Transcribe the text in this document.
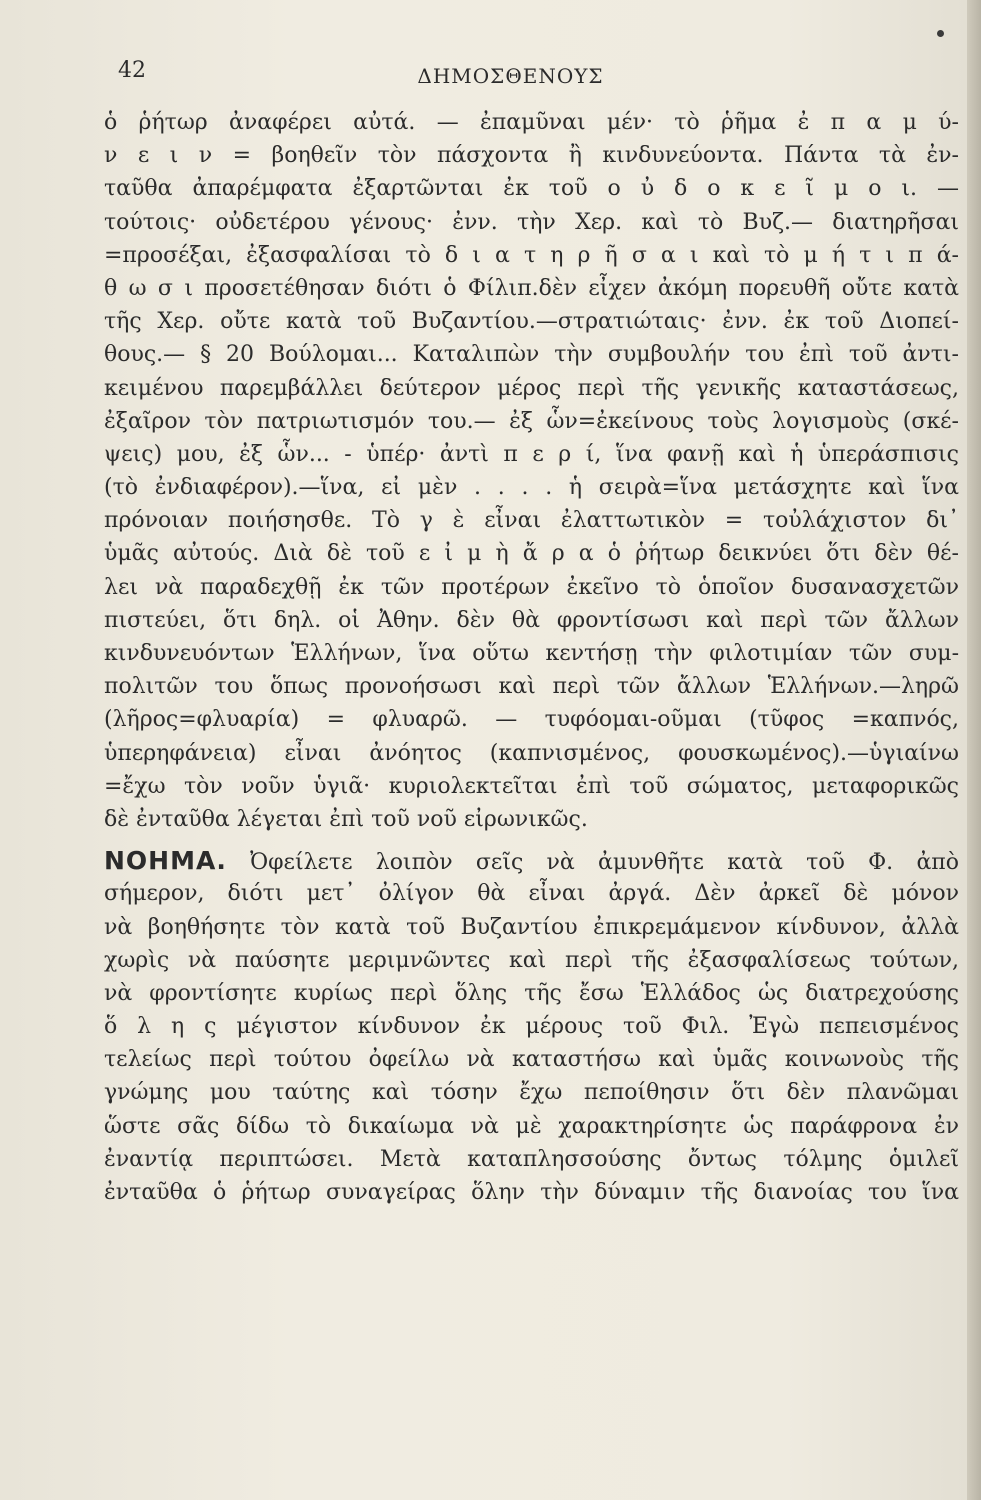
42	ΔΗΜΟΣΘΕΝΟΥΣ
ὁ ῥήτωρ ἀναφέρει αὐτά. — ἐπαμῦναι μέν· τὸ ῥῆμα ἐ π α μ ύ-
ν ε ι ν = βοηθεῖν τὸν πάσχοντα ἢ κινδυνεύοντα. Πάντα τὰ ἐν-
ταῦθα ἀπαρέμφατα ἐξαρτῶνται ἐκ τοῦ ο ὐ δ ο κ ε ῖ μ ο ι. —
τούτοις· οὐδετέρου γένους· ἐνν. τὴν Χερ. καὶ τὸ Βυζ.— διατηρῆσαι
=προσέξαι, ἐξασφαλίσαι τὸ δ ι α τ η ρ ῆ σ α ι καὶ τὸ μ ή τ ι π ά-
θ ω σ ι προσετέθησαν διότι ὁ Φίλιπ.δὲν εἶχεν ἀκόμη πορευθῆ οὔτε κατὰ
τῆς Χερ. οὔτε κατὰ τοῦ Βυζαντίου.—στρατιώταις· ἐνν. ἐκ τοῦ Διοπεί-
θους.— § 20 Βούλομαι... Καταλιπὼν τὴν συμβουλήν του ἐπὶ τοῦ ἀντι-
κειμένου παρεμβάλλει δεύτερον μέρος περὶ τῆς γενικῆς καταστάσεως,
ἐξαῖρον τὸν πατριωτισμόν του.— ἐξ ὧν=ἐκείνους τοὺς λογισμοὺς (σκέ-
ψεις) μου, ἐξ ὧν... - ὑπέρ· ἀντὶ π ε ρ ί, ἵνα φανῇ καὶ ἡ ὑπεράσπισις
(τὸ ἐνδιαφέρον).—ἵνα, εἰ μὲν . . . . ἡ σειρὰ=ἵνα μετάσχητε καὶ ἵνα
πρόνοιαν ποιήσησθε. Τὸ γ ὲ εἶναι ἐλαττωτικὸν = τοὐλάχιστον δι᾽
ὑμᾶς αὐτούς. Διὰ δὲ τοῦ ε ἰ μ ὴ ἄ ρ α ὁ ῥήτωρ δεικνύει ὅτι δὲν θέ-
λει νὰ παραδεχθῇ ἐκ τῶν προτέρων ἐκεῖνο τὸ ὁποῖον δυσανασχετῶν
πιστεύει, ὅτι δηλ. οἱ Ἀθην. δὲν θὰ φροντίσωσι καὶ περὶ τῶν ἄλλων
κινδυνευόντων Ἑλλήνων, ἵνα οὕτω κεντήσῃ τὴν φιλοτιμίαν τῶν συμ-
πολιτῶν του ὅπως προνοήσωσι καὶ περὶ τῶν ἄλλων Ἑλλήνων.—ληρῶ
(λῆρος=φλυαρία) = φλυαρῶ. — τυφόομαι-οῦμαι (τῦφος =καπνός,
ὑπερηφάνεια) εἶναι ἀνόητος (καπνισμένος, φουσκωμένος).—ὑγιαίνω
=ἔχω τὸν νοῦν ὑγιᾶ· κυριολεκτεῖται ἐπὶ τοῦ σώματος, μεταφορικῶς
δὲ ἐνταῦθα λέγεται ἐπὶ τοῦ νοῦ εἰρωνικῶς.
ΝΟΗΜΑ. Ὀφείλετε λοιπὸν σεῖς νὰ ἀμυνθῆτε κατὰ τοῦ Φ. ἀπὸ
σήμερον, διότι μετ᾽ ὀλίγον θὰ εἶναι ἀργά. Δὲν ἀρκεῖ δὲ μόνον
νὰ βοηθήσητε τὸν κατὰ τοῦ Βυζαντίου ἐπικρεμάμενον κίνδυνον, ἀλλὰ
χωρὶς νὰ παύσητε μεριμνῶντες καὶ περὶ τῆς ἐξασφαλίσεως τούτων,
νὰ φροντίσητε κυρίως περὶ ὅλης τῆς ἔσω Ἑλλάδος ὡς διατρεχούσης
ὅ λ η ς μέγιστον κίνδυνον ἐκ μέρους τοῦ Φιλ. Ἐγὼ πεπεισμένος
τελείως περὶ τούτου ὀφείλω νὰ καταστήσω καὶ ὑμᾶς κοινωνοὺς τῆς
γνώμης μου ταύτης καὶ τόσην ἔχω πεποίθησιν ὅτι δὲν πλανῶμαι
ὥστε σᾶς δίδω τὸ δικαίωμα νὰ μὲ χαρακτηρίσητε ὡς παράφρονα ἐν
ἐναντίᾳ περιπτώσει. Μετὰ καταπλησσούσης ὄντως τόλμης ὁμιλεῖ
ἐνταῦθα ὁ ῥήτωρ συναγείρας ὅλην τὴν δύναμιν τῆς διανοίας του ἵνα
